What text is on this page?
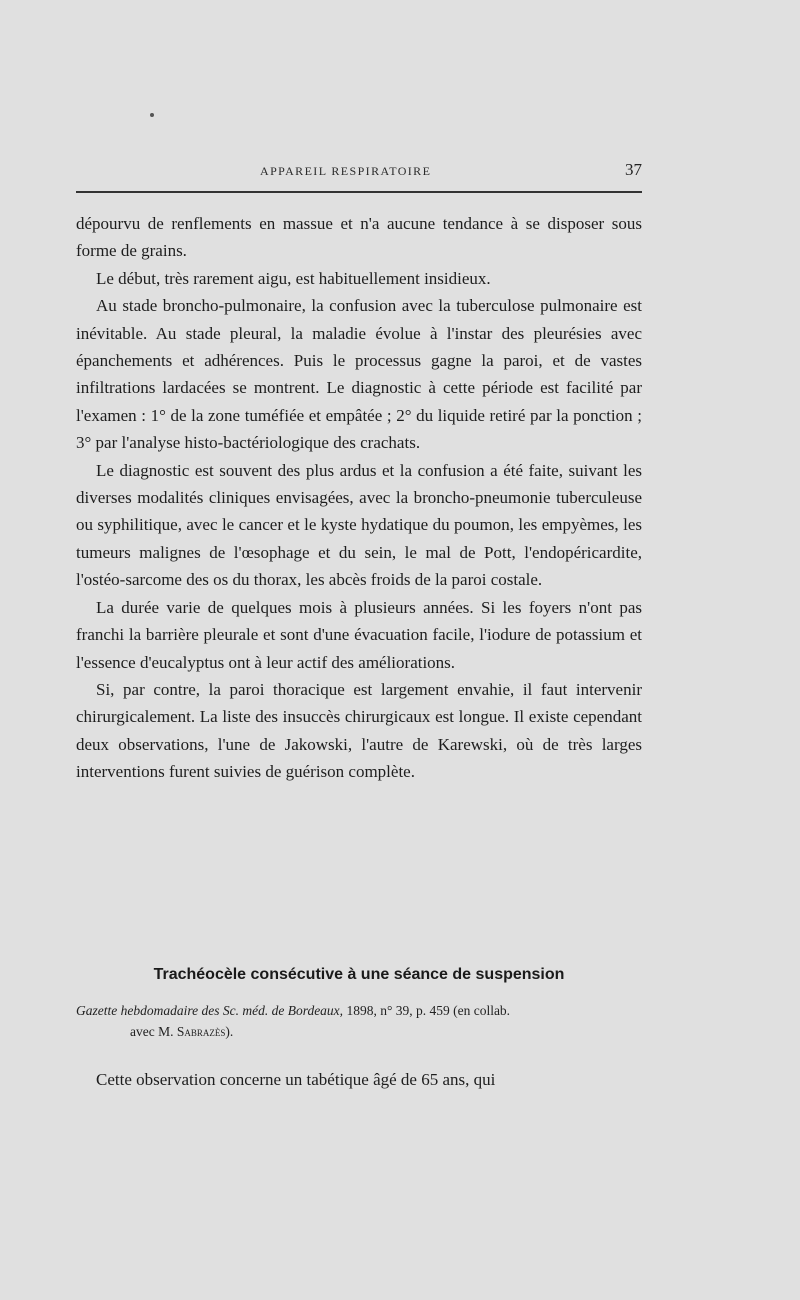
APPAREIL RESPIRATOIRE	37

dépourvu de renflements en massue et n'a aucune tendance à se disposer sous forme de grains.

Le début, très rarement aigu, est habituellement insidieux.

Au stade broncho-pulmonaire, la confusion avec la tuberculose pulmonaire est inévitable. Au stade pleural, la maladie évolue à l'instar des pleurésies avec épanchements et adhérences. Puis le processus gagne la paroi, et de vastes infiltrations lardacées se montrent. Le diagnostic à cette période est facilité par l'examen : 1° de la zone tuméfiée et empâtée ; 2° du liquide retiré par la ponction ; 3° par l'analyse histo-bactériologique des crachats.

Le diagnostic est souvent des plus ardus et la confusion a été faite, suivant les diverses modalités cliniques envisagées, avec la broncho-pneumonie tuberculeuse ou syphilitique, avec le cancer et le kyste hydatique du poumon, les empyèmes, les tumeurs malignes de l'œsophage et du sein, le mal de Pott, l'endopéricardite, l'ostéo-sarcome des os du thorax, les abcès froids de la paroi costale.

La durée varie de quelques mois à plusieurs années. Si les foyers n'ont pas franchi la barrière pleurale et sont d'une évacuation facile, l'iodure de potassium et l'essence d'eucalyptus ont à leur actif des améliorations.

Si, par contre, la paroi thoracique est largement envahie, il faut intervenir chirurgicalement. La liste des insuccès chirurgicaux est longue. Il existe cependant deux observations, l'une de Jakowski, l'autre de Karewski, où de très larges interventions furent suivies de guérison complète.

Trachéocèle consécutive à une séance de suspension
Gazette hebdomadaire des Sc. méd. de Bordeaux, 1898, n° 39, p. 459 (en collab.
avec M. Sabrazès).
Cette observation concerne un tabétique âgé de 65 ans, qui
